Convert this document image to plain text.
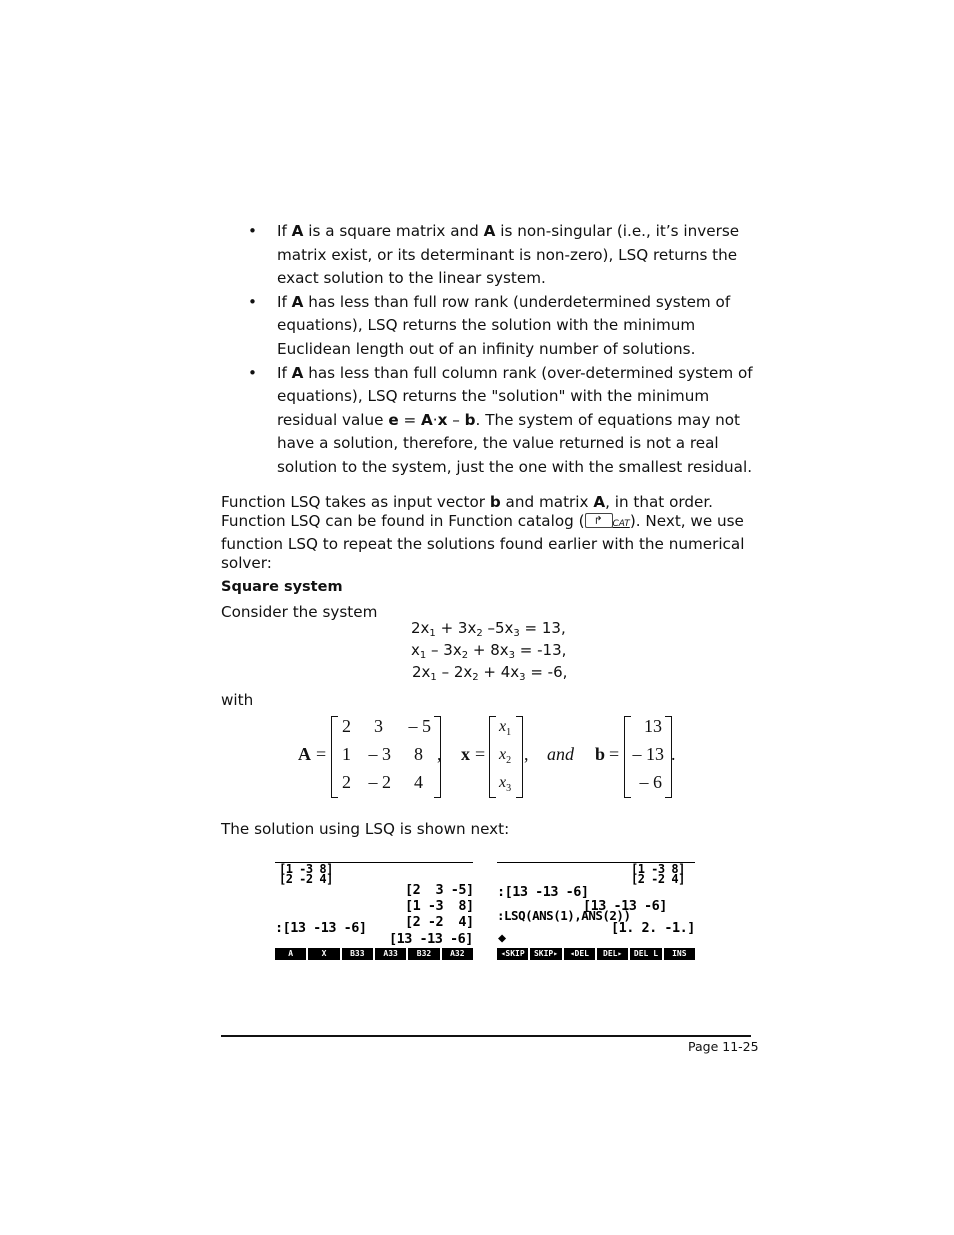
• If A is a square matrix and A is non-singular (i.e., it’s inverse matrix exist, or its determinant is non-zero), LSQ returns the exact solution to the linear system.
• If A has less than full row rank (underdetermined system of equations), LSQ returns the solution with the minimum Euclidean length out of an infinity number of solutions.
• If A has less than full column rank (over-determined system of equations), LSQ returns the "solution" with the minimum residual value e = A·x – b. The system of equations may not have a solution, therefore, the value returned is not a real solution to the system, just the one with the smallest residual.
Function LSQ takes as input vector b and matrix A, in that order. Function LSQ can be found in Function catalog ( ↱ CAT). Next, we use function LSQ to repeat the solutions found earlier with the numerical solver:
Square system
Consider the system
$2x_1 + 3x_2$ $-5x_3 = 13$,
$x_1 - 3x_2 + 8x_3 = -13$,
$2x_1 - 2x_2 + 4x_3 = -6$,
with
A =
2	3	– 5
1 – 3	8
2 – 2	4
, x =
$x_1$
$x_2$
$x_3$
, and b =
13
– 13
– 6
.
The solution using LSQ is shown next:
[1 -3 8]
[2 -2 4]
[2  3 -5]
[1 -3  8]
[2 -2  4]
:[13 -13 -6]
[13 -13 -6]
A	X	B33	A33	B32	A32
[1 -3 8]
[2 -2 4]
:[13 -13 -6]
[13 -13 -6]
:LSQ(ANS(1),ANS(2))
[1. 2. -1.]
◆
◂SKIP	SKIP▸	◂DEL	DEL▸	DEL L	INS
Page 11-25
